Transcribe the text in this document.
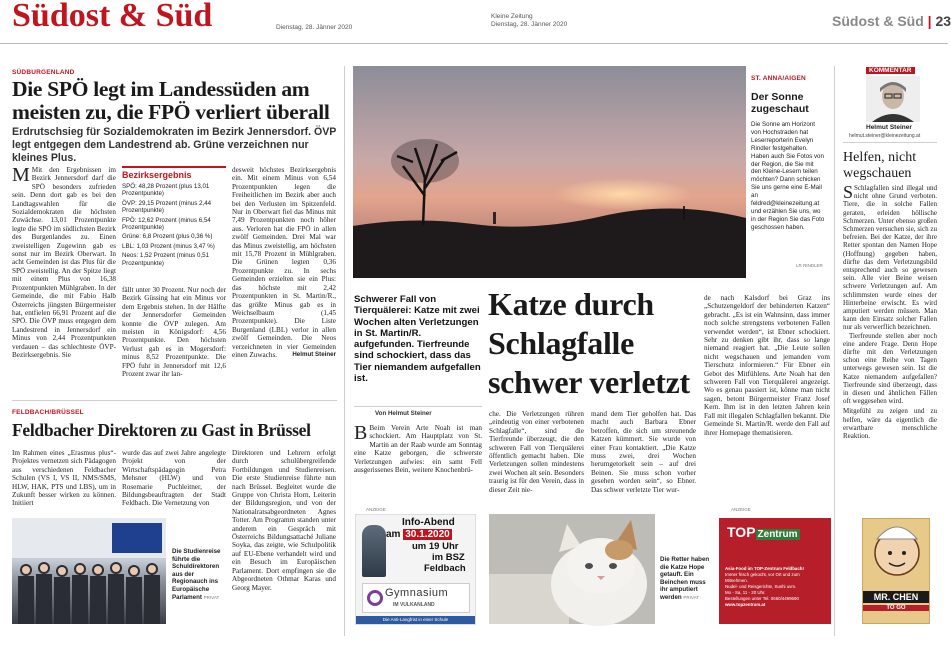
Südost & Süd	Dienstag, 28. Jänner 2020
Kleine Zeitung
Dienstag, 28. Jänner 2020	Südost & Süd | 23
SÜDBURGENLAND
Die SPÖ legt im Landessüden am meisten zu, die FPÖ verliert überall
Erdrutschsieg für Sozialdemokraten im Bezirk Jennersdorf. ÖVP legt entgegen dem Landestrend ab. Grüne verzeichnen nur kleines Plus.
M Mit den Ergebnissen im Bezirk Jennersdorf darf die SPÖ besonders zufrieden sein. Denn dort gab es bei den Landtagswahlen für die Sozialdemokraten die höchsten Zuwächse. 13,01 Prozentpunkte legte die SPÖ im südlichsten Bezirk des Burgenlandes zu. Einen zweistelligen Zugewinn gab es sonst nur im Bezirk Oberwart. In acht Gemeinden ist das Plus für die SPÖ zweistellig. An der Spitze liegt mit einem Plus von 16,38 Prozentpunkten Mühlgraben. In der Gemeinde, die mit Fabio Halb Österreichs jüngsten Bürgermeister hat, entfielen 66,91 Prozent auf die SPÖ. Die ÖVP muss entgegen dem Landestrend in Jennersdorf ein Minus von 2,44 Prozentpunkten verdauen – das schlechteste ÖVP-Bezirksergebnis. Sie
Bezirksergebnis
SPÖ: 48,28 Prozent (plus 13,01 Prozentpunkte)
ÖVP: 29,15 Prozent (minus 2,44 Prozentpunkte)
FPÖ: 12,62 Prozent (minus 6,54 Prozentpunkte)
Grüne: 6,8 Prozent (plus 0,36 %)
LBL: 1,03 Prozent (minus 3,47 %)
Neos: 1,52 Prozent (minus 0,51 Prozentpunkte)
fällt unter 30 Prozent. Nur noch der Bezirk Güssing hat ein Minus vor dem Ergebnis stehen. In der Hälfte der Jennersdorfer Gemeinden konnte die ÖVP zulegen. Am meisten in Königsdorf: 4,56 Prozentpunkte. Den höchsten Verlust gab es in Mogersdorf: minus 8,52 Prozentpunkte. Die FPÖ fuhr in Jennersdorf mit 12,6 Prozent zwar ihr lan-
desweit höchstes Bezirksergebnis ein. Mit einem Minus von 6,54 Prozentpunkten legen die Freiheitlichen im Bezirk aber auch bei den Verlusten im Spitzenfeld. Nur in Oberwart fiel das Minus mit 7,49 Prozentpunkten noch höher aus. Verloren hat die FPÖ in allen zwölf Gemeinden. Drei Mal war das Minus zweistellig, am höchsten mit 15,78 Prozent in Mühlgraben. Die Grünen legten 0,36 Prozentpunkte zu. In sechs Gemeinden erzielten sie ein Plus: das höchste mit 2,42 Prozentpunkten in St. Martin/R., das größte Minus gab es in Weichselbaum (1,45 Prozentpunkte). Die Liste Burgenland (LBL) verlor in allen zwölf Gemeinden. Die Neos verzeichneten in vier Gemeinden einen Zuwachs. Helmut Steiner
FELDBACH/BRÜSSEL
Feldbacher Direktoren zu Gast in Brüssel
Im Rahmen eines „Erasmus plus“-Projektes vernetzen sich Pädagogen aus verschiedenen Feldbacher Schulen (VS I, VS II, NMS/SMS, HLW, HAK, PTS und LBS), um in Zukunft besser wirken zu können. Initiiert
wurde das auf zwei Jahre angelegte Projekt von der Wirtschaftspädagogin Petra Mehsner (HLW) und von Rosemarie Puchleitner, der Bildungsbeauftragten der Stadt Feldbach. Die Vernetzung von
Direktoren und Lehrern erfolgt durch schulübergreifende Fortbildungen und Studienreisen. Die erste Studienreise führte nun nach Brüssel. Begleitet wurde die Gruppe von Christa Horn, Leiterin der Bildungsregion, und von der Nationalratsabgeordneten Agnes Totter. Am Programm standen unter anderem ein Gespräch mit Österreichs Bildungsattaché Juliane Soyka, das zeigte, wie Schulpolitik auf EU-Ebene verhandelt wird und ein Besuch im Europäischen Parlament. Dort empfingen sie die Abgeordneten Othmar Karas und Georg Mayer.
Die Studienreise führte die Schuldirektoren aus der Regionauch ins Europäische Parlament PRIVAT
ST. ANNA/AIGEN
Der Sonne zugeschaut
Die Sonne am Horizont von Hochstraden hat Leserreporterin Evelyn Rindler festgehalten. Haben auch Sie Fotos von der Region, die Sie mit den Kleine-Lesern teilen möchten? Dann schicken Sie uns gerne eine E-Mail an feldred@kleinezeitung.at und erzählen Sie uns, wo in der Region Sie das Foto geschossen haben.
LR RINDLER
Schwerer Fall von Tierquälerei: Katze mit zwei Wochen alten Verletzungen in St. Martin/R. aufgefunden. Tierfreunde sind schockiert, dass das Tier niemandem aufgefallen ist.
Von Helmut Steiner
Katze durch Schlagfalle schwer verletzt
B Beim Verein Arte Noah ist man schockiert. Am Hauptplatz von St. Martin an der Raab wurde am Sonntag eine Katze geborgen, die schwerste Verletzungen aufwies: ein samt Fell ausgerissenes Bein, weitere Knochenbrü-
che. Die Verletzungen rühren „eindeutig von einer verbotenen Schlagfalle“, sind die Tierfreunde überzeugt, die den schweren Fall von Tierquälerei öffentlich gemacht haben. Die Verletzungen sollen mindestens zwei Wochen alt sein. Besonders traurig ist für den Verein, dass in dieser Zeit nie-
mand dem Tier geholfen hat. Das macht auch Barbara Ebner betroffen, die sich um streunende Katzen kümmert. Sie wurde von einer Frau kontaktiert. „Die Katze muss zwei, drei Wochen herumgetorkelt sein – auf drei Beinen. Sie muss schon vorher gesehen worden sein“, so Ebner. Das schwer verletzte Tier wur-
de nach Kalsdorf bei Graz ins „Schutzengeldorf der behinderten Katzen“ gebracht. „Es ist ein Wahnsinn, dass immer noch solche strengstens verbotenen Fallen verwendet werden“, ist Ebner schockiert. Sehr zu denken gibt ihr, dass so lange niemand reagiert hat. „Die Leute sollen nicht wegschauen und jemanden vom Tierschutz informieren.“ Für Ebner ein Gebot des Mitfühlens. Arte Noah hat den schweren Fall von Tierquälerei angezeigt. Wo es genau passiert ist, könne man nicht sagen, betont Bürgermeister Franz Josef Kern. Ihm ist in den letzten Jahren kein Fall mit illegalen Schlagfallen bekannt. Die Gemeinde St. Martin/R. werde den Fall auf ihrer Homepage thematisieren.
ANZEIGE
Info-Abend
am 30.1.2020
um 19 Uhr
im BSZ
Feldbach
Gymnasium
IM VULKANLAND
Die Anti-Langfrist in einer Schule
Die Retter haben die Katze Hope getauft. Ein Beinchen muss ihr amputiert werden PRIVAT
ANZEIGE
TOP Zentrum
Asia-Food im TOP-Zentrum Feldbach!
Immer frisch gekocht, vor Ort und zum Mitnehmen.
Nudel- und Reisgerichte, Sushi uvm.
Mo - Sa, 11 - 20 Uhr.
Bestellungen unter Tel. 0660/4499690
www.topzentrum.at
MR. CHEN
TO GO
KOMMENTAR
Helmut Steiner
helmut.steiner@kleinezeitung.at
Helfen, nicht wegschauen

S Schlagfallen sind illegal und nicht ohne Grund verboten. Tiere, die in solche Fallen geraten, erleiden höllische Schmerzen. Unter ebenso großen Schmerzen versuchen sie, sich zu befreien. Bei der Katze, der ihre Retter spontan den Namen Hope (Hoffnung) gegeben haben, dürfte das dem Verletzungsbild entsprechend auch so gewesen sein. Alle vier Beine weisen schwere Verletzungen auf. Am schlimmsten wurde eines der Hinterbeine erwischt. Es wird amputiert werden müssen. Man kann den Einsatz solcher Fallen nur als verwerflich bezeichnen.

Tierfreunde stellen aber noch eine andere Frage. Denn Hope dürfte mit den Verletzungen schon eine Reihe von Tagen unterwegs gewesen sein. Ist die Katze niemandem aufgefallen? Tierfreunde sind überzeugt, dass in diesen und ähnlichen Fällen oft weggesehen wird.

Mitgefühl zu zeigen und zu helfen, wäre da eigentlich die erwartbare menschliche Reaktion.
